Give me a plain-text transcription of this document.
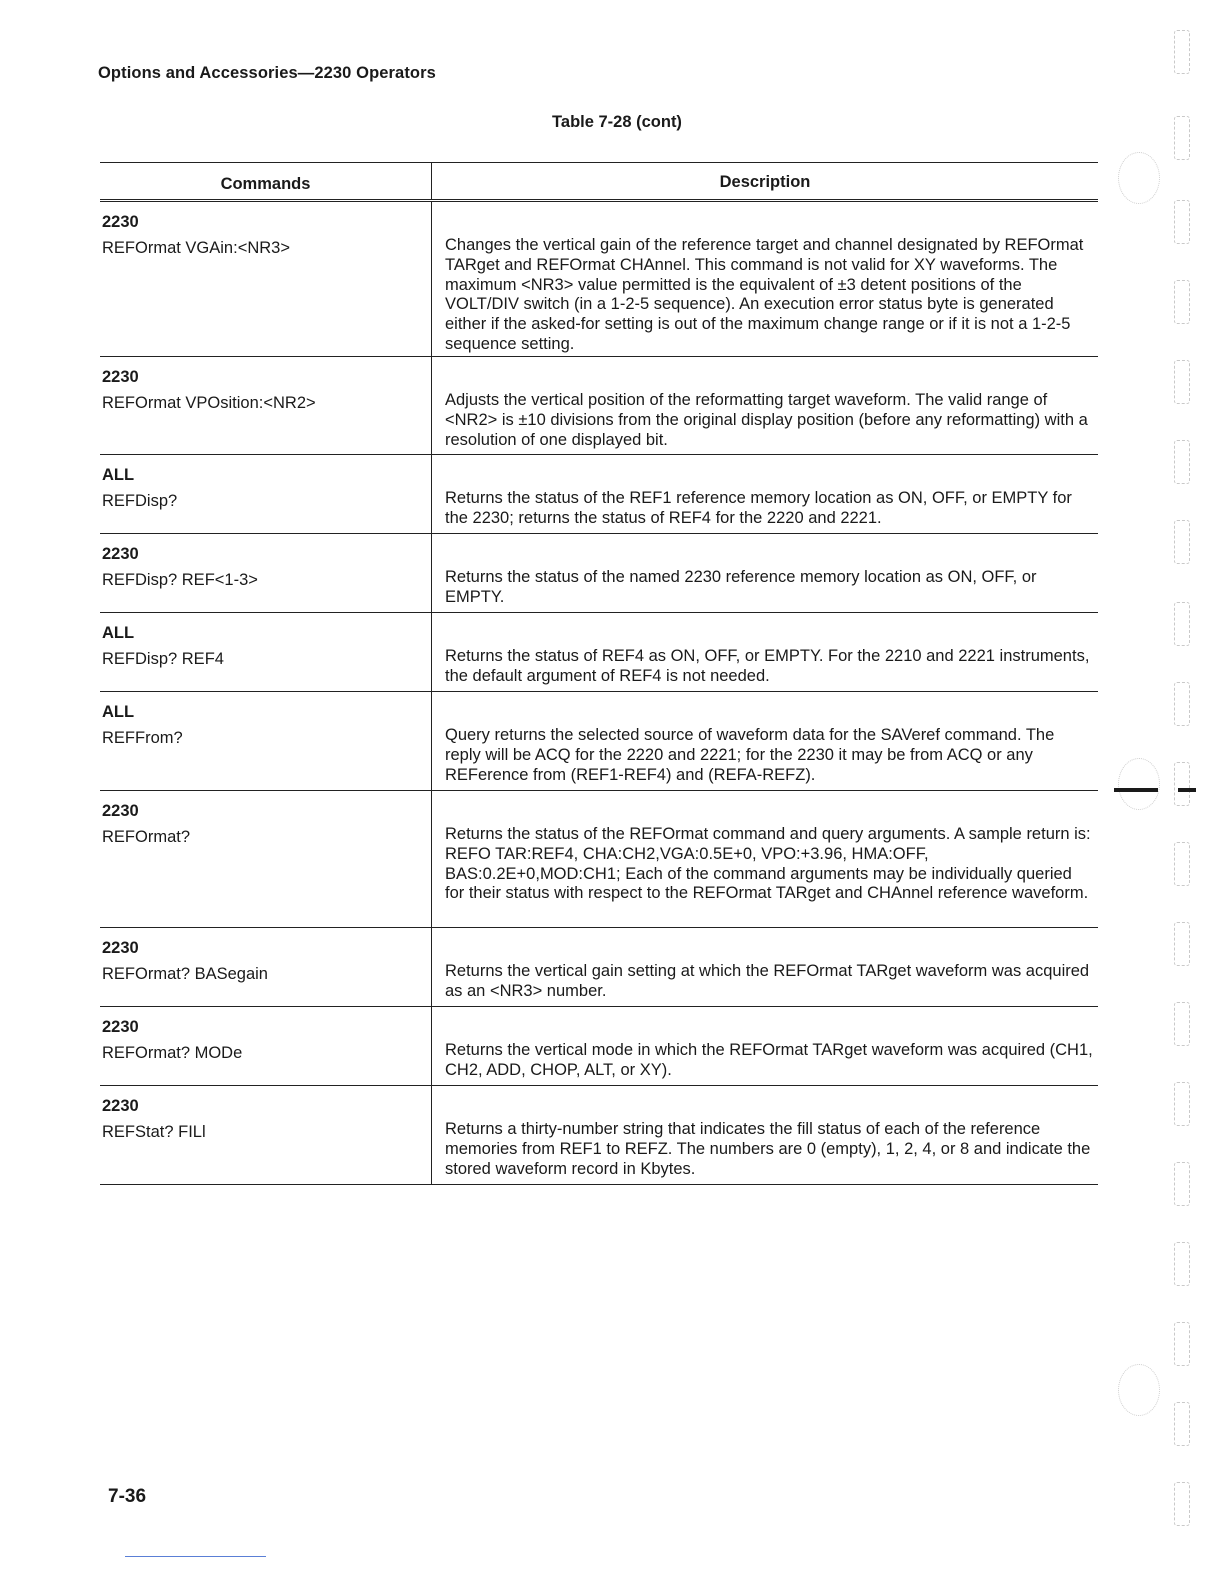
Options and Accessories—2230 Operators
Table 7-28 (cont)
Commands	Description
2230
REFOrmat VGAin:<NR3>	Changes the vertical gain of the reference target and channel designated by REFOrmat TARget and REFOrmat CHAnnel. This command is not valid for XY waveforms. The maximum <NR3> value permitted is the equivalent of ±3 detent positions of the VOLT/DIV switch (in a 1-2-5 sequence). An execution error status byte is generated either if the asked-for setting is out of the maximum change range or if it is not a 1-2-5 sequence setting.
2230
REFOrmat VPOsition:<NR2>	Adjusts the vertical position of the reformatting target waveform. The valid range of <NR2> is ±10 divisions from the original display position (before any reformatting) with a resolution of one displayed bit.
ALL
REFDisp?	Returns the status of the REF1 reference memory location as ON, OFF, or EMPTY for the 2230; returns the status of REF4 for the 2220 and 2221.
2230
REFDisp? REF<1-3>	Returns the status of the named 2230 reference memory location as ON, OFF, or EMPTY.
ALL
REFDisp? REF4	Returns the status of REF4 as ON, OFF, or EMPTY. For the 2210 and 2221 instruments, the default argument of REF4 is not needed.
ALL
REFFrom?	Query returns the selected source of waveform data for the SAVeref command. The reply will be ACQ for the 2220 and 2221; for the 2230 it may be from ACQ or any REFerence from (REF1-REF4) and (REFA-REFZ).
2230
REFOrmat?	Returns the status of the REFOrmat command and query arguments. A sample return is: REFO TAR:REF4, CHA:CH2,VGA:0.5E+0, VPO:+3.96, HMA:OFF, BAS:0.2E+0,MOD:CH1; Each of the command arguments may be individually queried for their status with respect to the REFOrmat TARget and CHAnnel reference waveform.
2230
REFOrmat? BASegain	Returns the vertical gain setting at which the REFOrmat TARget waveform was acquired as an <NR3> number.
2230
REFOrmat? MODe	Returns the vertical mode in which the REFOrmat TARget waveform was acquired (CH1, CH2, ADD, CHOP, ALT, or XY).
2230
REFStat? FILl	Returns a thirty-number string that indicates the fill status of each of the reference memories from REF1 to REFZ. The numbers are 0 (empty), 1, 2, 4, or 8 and indicate the stored waveform record in Kbytes.
7-36
